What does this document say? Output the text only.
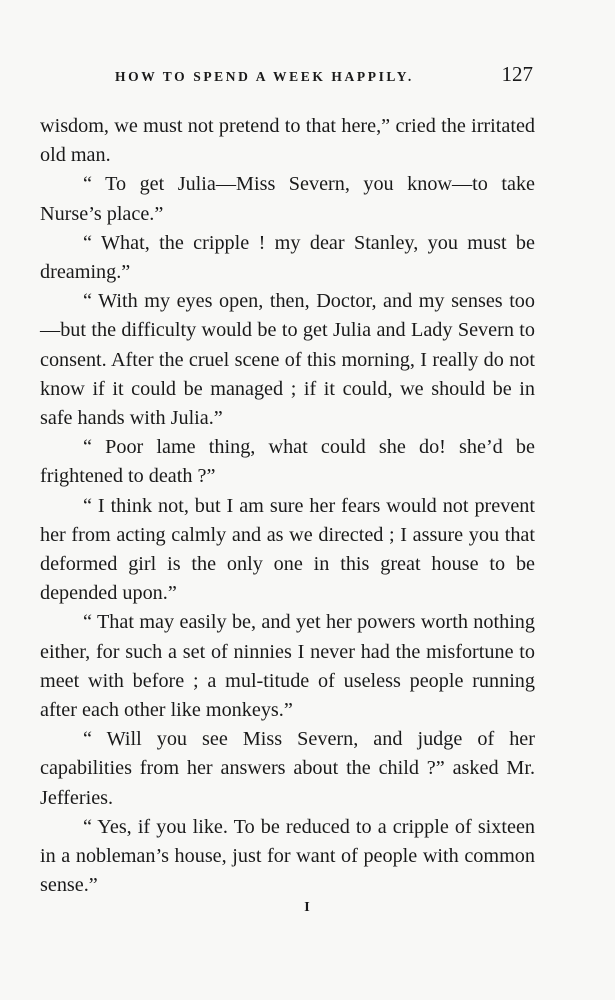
HOW TO SPEND A WEEK HAPPILY.	127

wisdom, we must not pretend to that here,” cried the irritated old man.

“ To get Julia—Miss Severn, you know—to take Nurse’s place.”

“ What, the cripple ! my dear Stanley, you must be dreaming.”

“ With my eyes open, then, Doctor, and my senses too—but the difficulty would be to get Julia and Lady Severn to consent. After the cruel scene of this morning, I really do not know if it could be managed ; if it could, we should be in safe hands with Julia.”

“ Poor lame thing, what could she do! she’d be frightened to death ?”

“ I think not, but I am sure her fears would not prevent her from acting calmly and as we directed ; I assure you that deformed girl is the only one in this great house to be depended upon.”

“ That may easily be, and yet her powers worth nothing either, for such a set of ninnies I never had the misfortune to meet with before ; a mul-titude of useless people running after each other like monkeys.”

“ Will you see Miss Severn, and judge of her capabilities from her answers about the child ?” asked Mr. Jefferies.

“ Yes, if you like. To be reduced to a cripple of sixteen in a nobleman’s house, just for want of people with common sense.”

I
